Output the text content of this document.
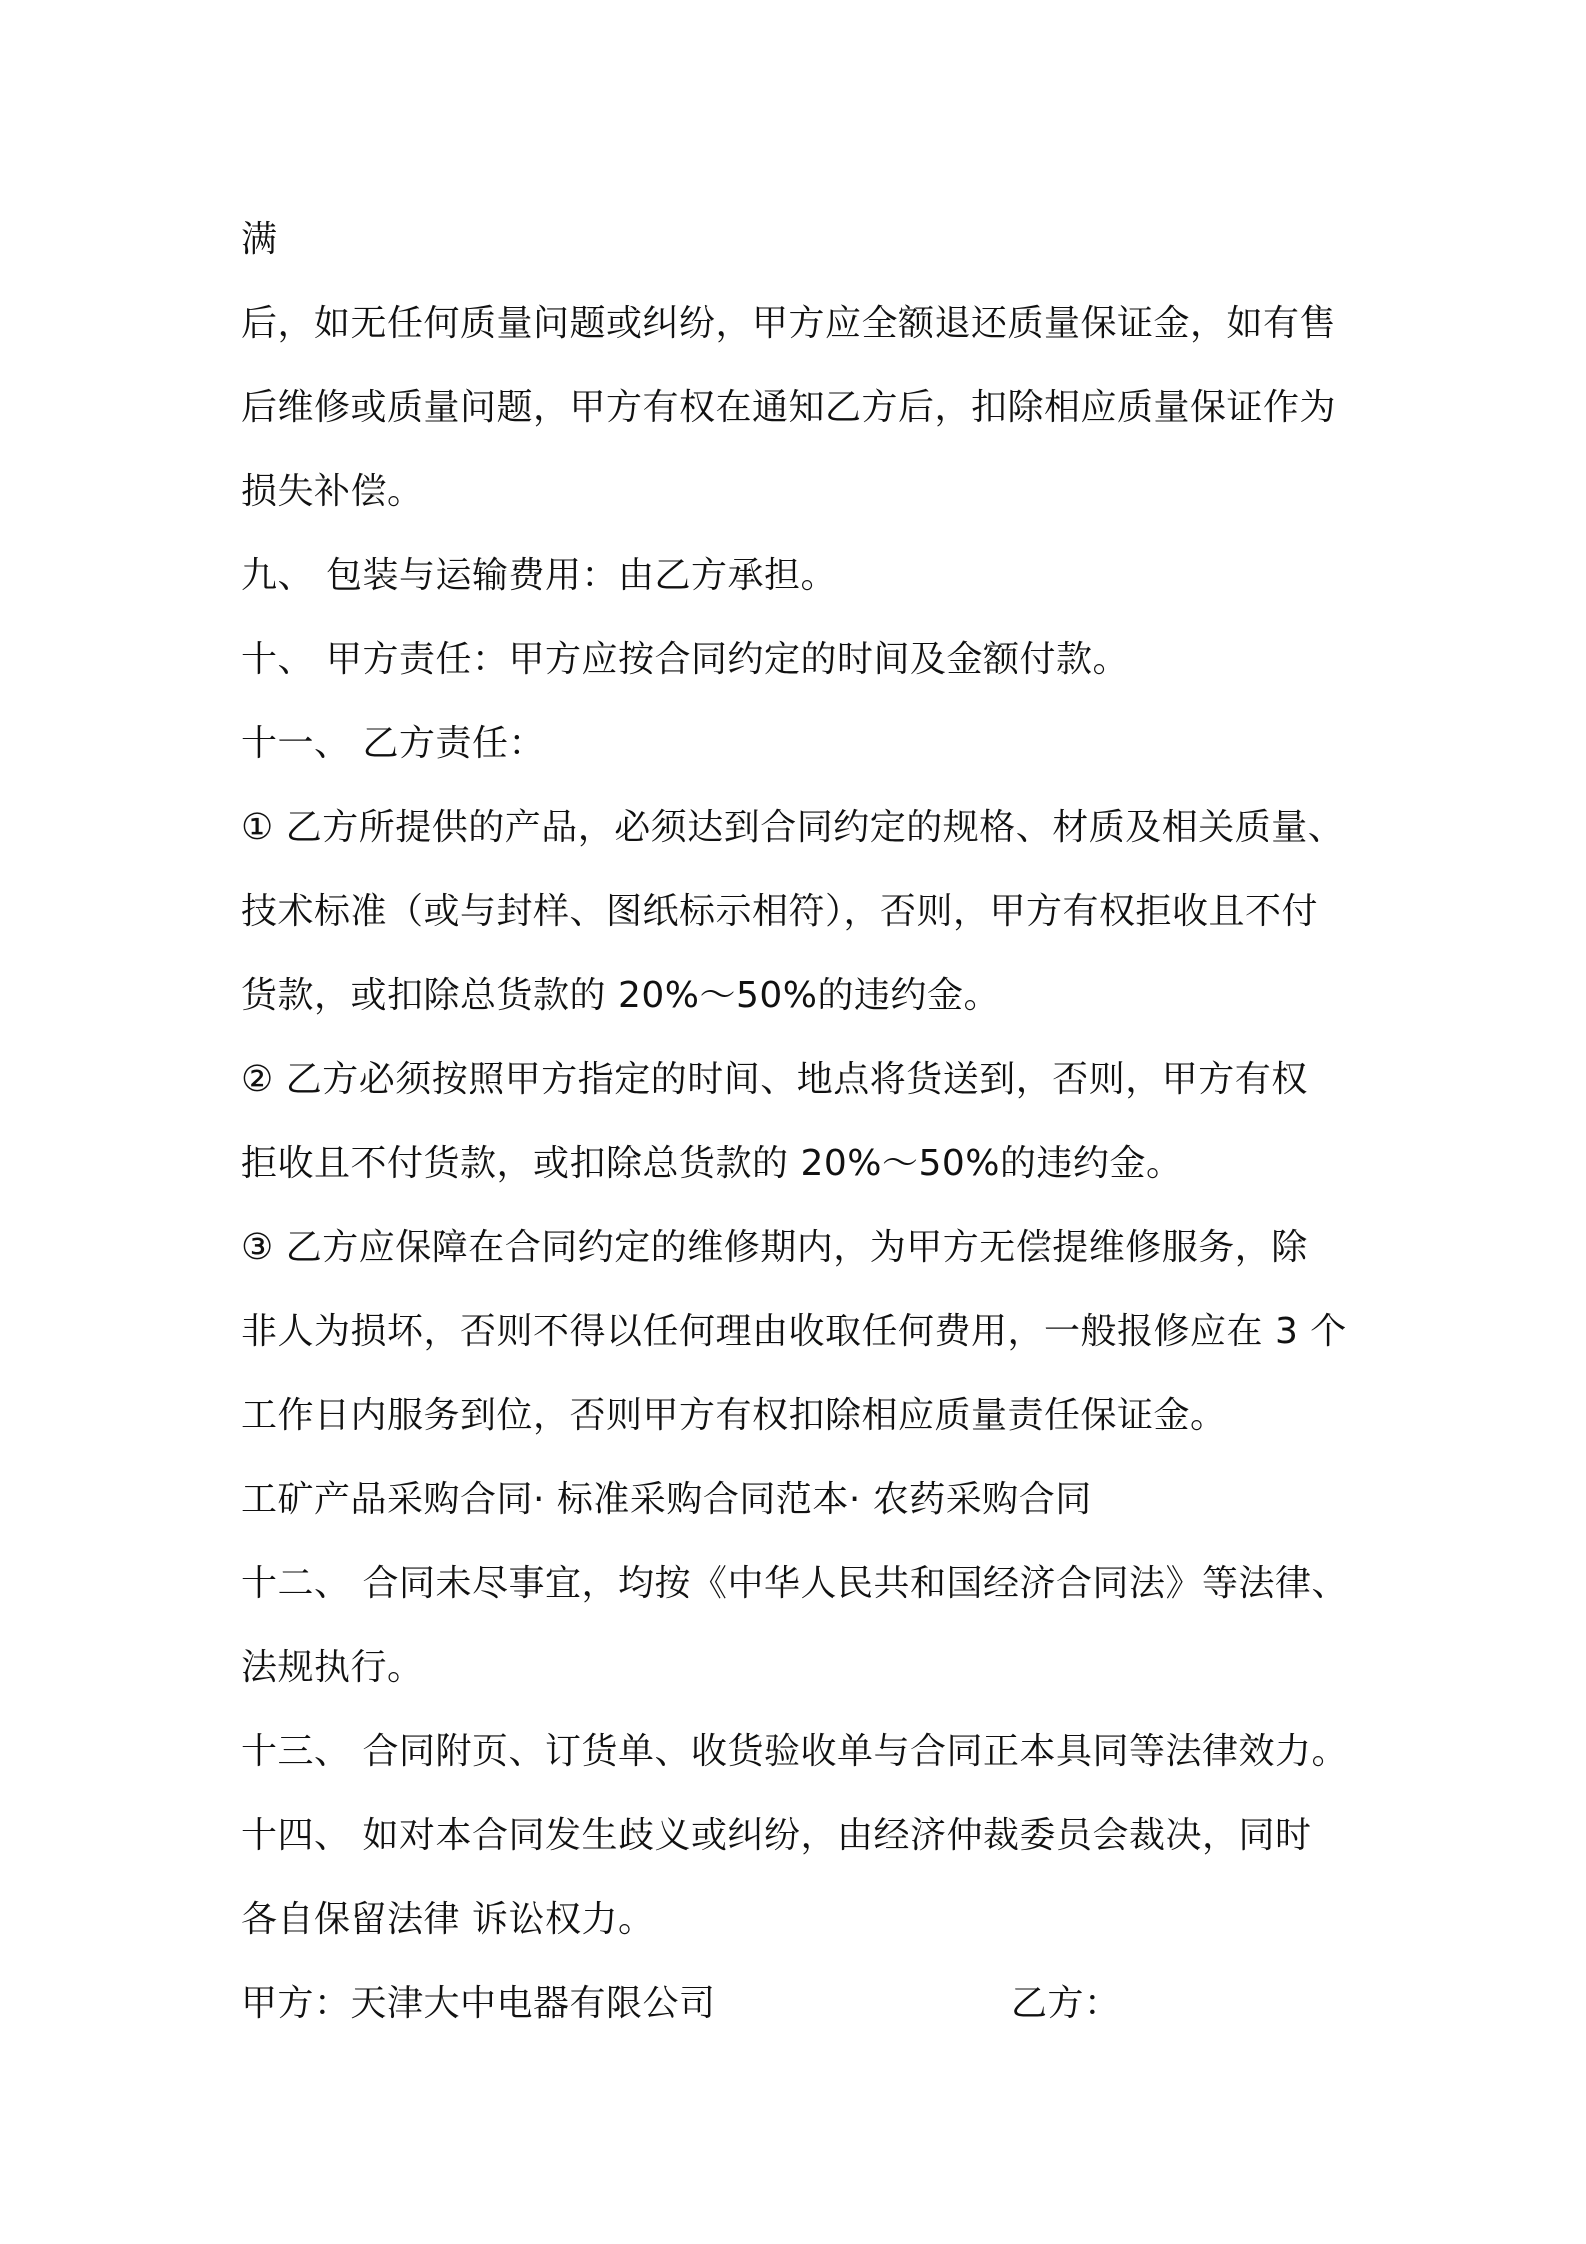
满
后，如无任何质量问题或纠纷，甲方应全额退还质量保证金，如有售
后维修或质量问题，甲方有权在通知乙方后，扣除相应质量保证作为
损失补偿。
九、 包装与运输费用：由乙方承担。
十、 甲方责任：甲方应按合同约定的时间及金额付款。
十一、 乙方责任：
① 乙方所提供的产品，必须达到合同约定的规格、材质及相关质量、
技术标准（或与封样、图纸标示相符），否则，甲方有权拒收且不付
货款，或扣除总货款的 20%～50%的违约金。
② 乙方必须按照甲方指定的时间、地点将货送到，否则，甲方有权
拒收且不付货款，或扣除总货款的 20%～50%的违约金。
③ 乙方应保障在合同约定的维修期内，为甲方无偿提维修服务，除
非人为损坏，否则不得以任何理由收取任何费用，一般报修应在 3 个
工作日内服务到位，否则甲方有权扣除相应质量责任保证金。
工矿产品采购合同· 标准采购合同范本· 农药采购合同
十二、 合同未尽事宜，均按《中华人民共和国经济合同法》等法律、
法规执行。
十三、 合同附页、订货单、收货验收单与合同正本具同等法律效力。
十四、 如对本合同发生歧义或纠纷，由经济仲裁委员会裁决，同时
各自保留法律 诉讼权力。
甲方：天津大中电器有限公司	乙方：
